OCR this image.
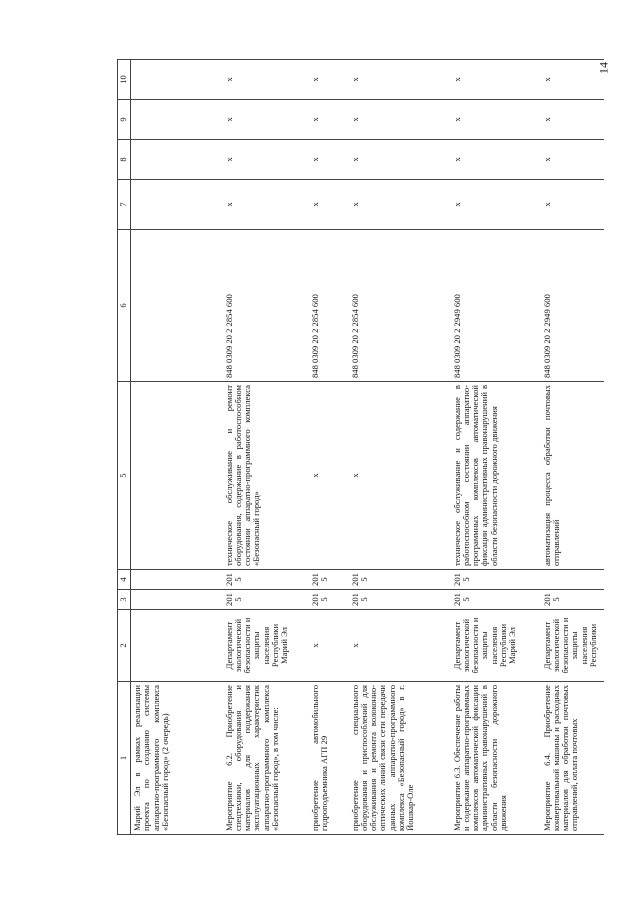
14
1	2	3	4	5	6	7	8	9	10
Марий Эл в рамках реализации проекта по созданию системы аппаратно-программного комплекса «Безопасный город» (2 очередь)									
Мероприятие 6.2. Приобретение спецтехники, оборудования и материалов для поддержания эксплуатационных характеристик аппаратно-программного комплекса «Безопасный город», в том числе:	Департамент экологической безопасности и защиты населения Республики Марий Эл	2015	2015	техническое обслуживание и ремонт оборудования, содержание в работоспособном состоянии аппаратно-программного комплекса «Безопасный город»	848 0309 20 2 2854 600	x	x	x	x
приобретение автомобильного гидроподъемника АГП 29	x	2015	2015	x	848 0309 20 2 2854 600	x	x	x	x
приобретение специального оборудования и приспособлений для обслуживания и ремонта волоконно-оптических линий связи сети передачи данных аппаратно-программного комплекса «Безопасный город» в г. Йошкар-Оле	x	2015	2015	x	848 0309 20 2 2854 600	x	x	x	x
Мероприятие 6.3. Обеспечение работы и содержание аппаратно-программных комплексов автоматической фиксации административных правонарушений в области безопасности дорожного движения	Департамент экологической безопасности и защиты населения Республики Марий Эл	2015	2015	техническое обслуживание и содержание в работоспособном состоянии аппаратно-программных комплексов автоматической фиксации административных правонарушений в области безопасности дорожного движения	848 0309 20 2 2949 600	x	x	x	x
Мероприятие 6.4. Приобретение конвертовальной машины и расходных материалов для обработки почтовых отправлений, оплата почтовых	Департамент экологической безопасности и защиты населения Республики	2015		автоматизация процесса обработки почтовых отправлений	848 0309 20 2 2949 600	x	x	x	x
